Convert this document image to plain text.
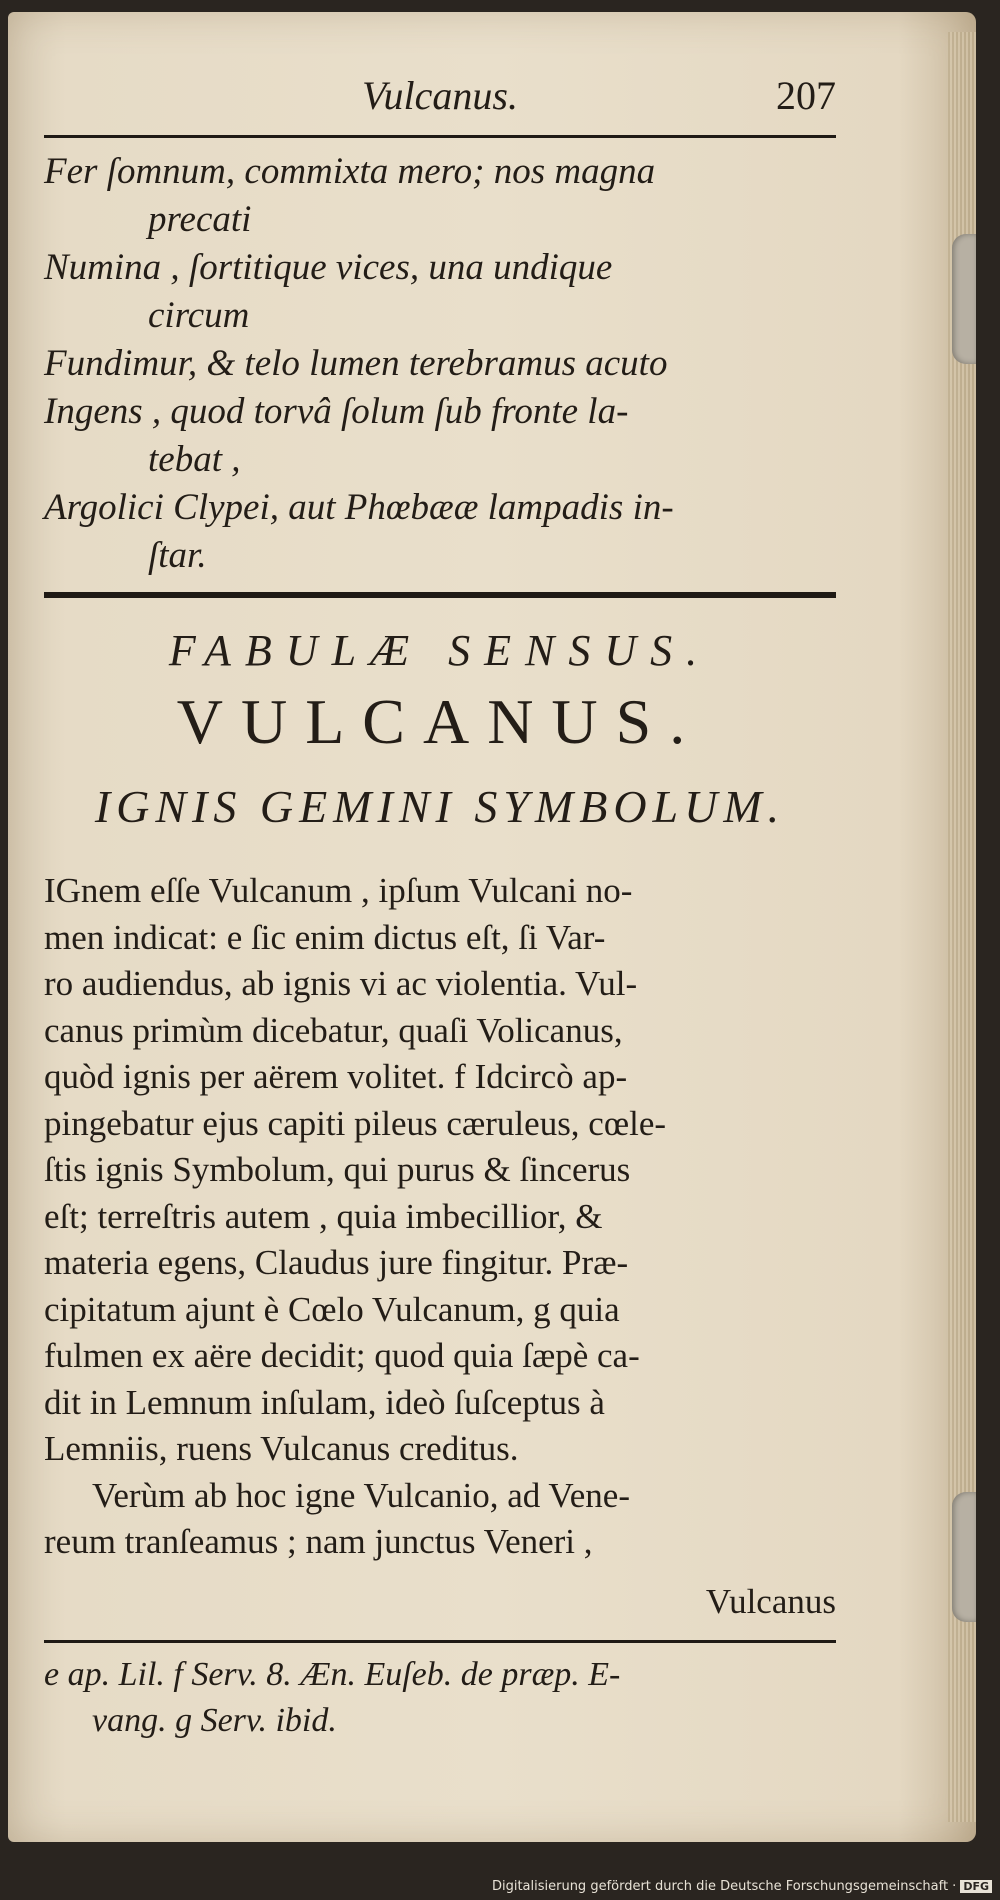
Vulcanus.	207
Fer ſomnum, commixta mero; nos magna
precati
Numina , ſortitique vices, una undique
circum
Fundimur, & telo lumen terebramus acuto
Ingens , quod torvâ ſolum ſub fronte la-
tebat ,
Argolici Clypei, aut Phœbææ lampadis in-
ſtar.
FABULÆ SENSUS.
VULCANUS.
IGNIS GEMINI SYMBOLUM.
IGnem eſſe Vulcanum , ipſum Vulcani no-
men indicat: e ſic enim dictus eſt, ſi Var-
ro audiendus, ab ignis vi ac violentia. Vul-
canus primùm dicebatur, quaſi Volicanus,
quòd ignis per aërem volitet. f Idcircò ap-
pingebatur ejus capiti pileus cæruleus, cœle-
ſtis ignis Symbolum, qui purus & ſincerus
eſt; terreſtris autem , quia imbecillior, &
materia egens, Claudus jure fingitur. Præ-
cipitatum ajunt è Cœlo Vulcanum, g quia
fulmen ex aëre decidit; quod quia ſæpè ca-
dit in Lemnum inſulam, ideò ſuſceptus à
Lemniis, ruens Vulcanus creditus.
Verùm ab hoc igne Vulcanio, ad Vene-
reum tranſeamus ; nam junctus Veneri ,
Vulcanus
e ap. Lil. f Serv. 8. Æn. Euſeb. de præp. E-
vang. g Serv. ibid.
Digitalisierung gefördert durch die Deutsche Forschungsgemeinschaft · DFG
